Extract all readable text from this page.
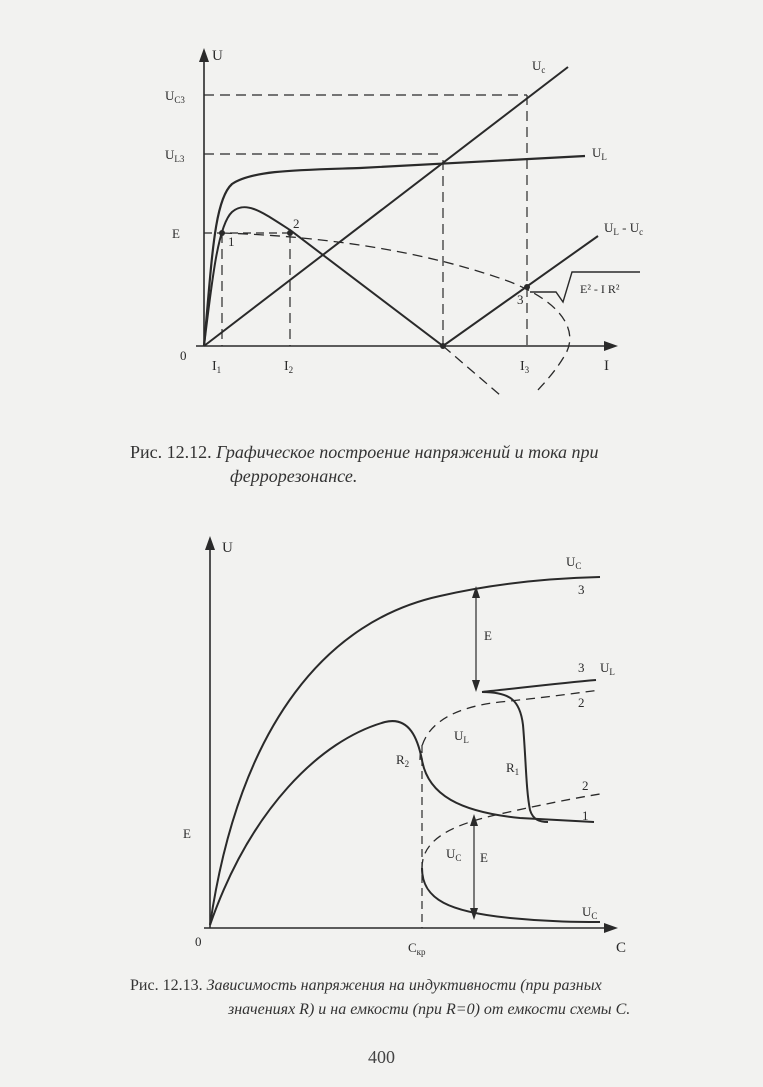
U
0
I
$U_{C3}$
$U_{L3}$
E
$I_1$	$I_2$	$I_3$
$U_c$
$U_L$
$U_L - U_c$
1
2
3
E² - I R²
Рис. 12.12. Графическое построение напряжений и тока при
феррорезонансе.
U
0	C
E
$C_{кр}$
$U_C$
3
E
3 $U_L$
2
$U_L$
$R_2$	$R_1$
2
1
$U_C$ E
$U_C$
Рис. 12.13. Зависимость напряжения на индуктивности (при разных
значениях R) и на емкости (при R=0) от емкости схемы C.
400
